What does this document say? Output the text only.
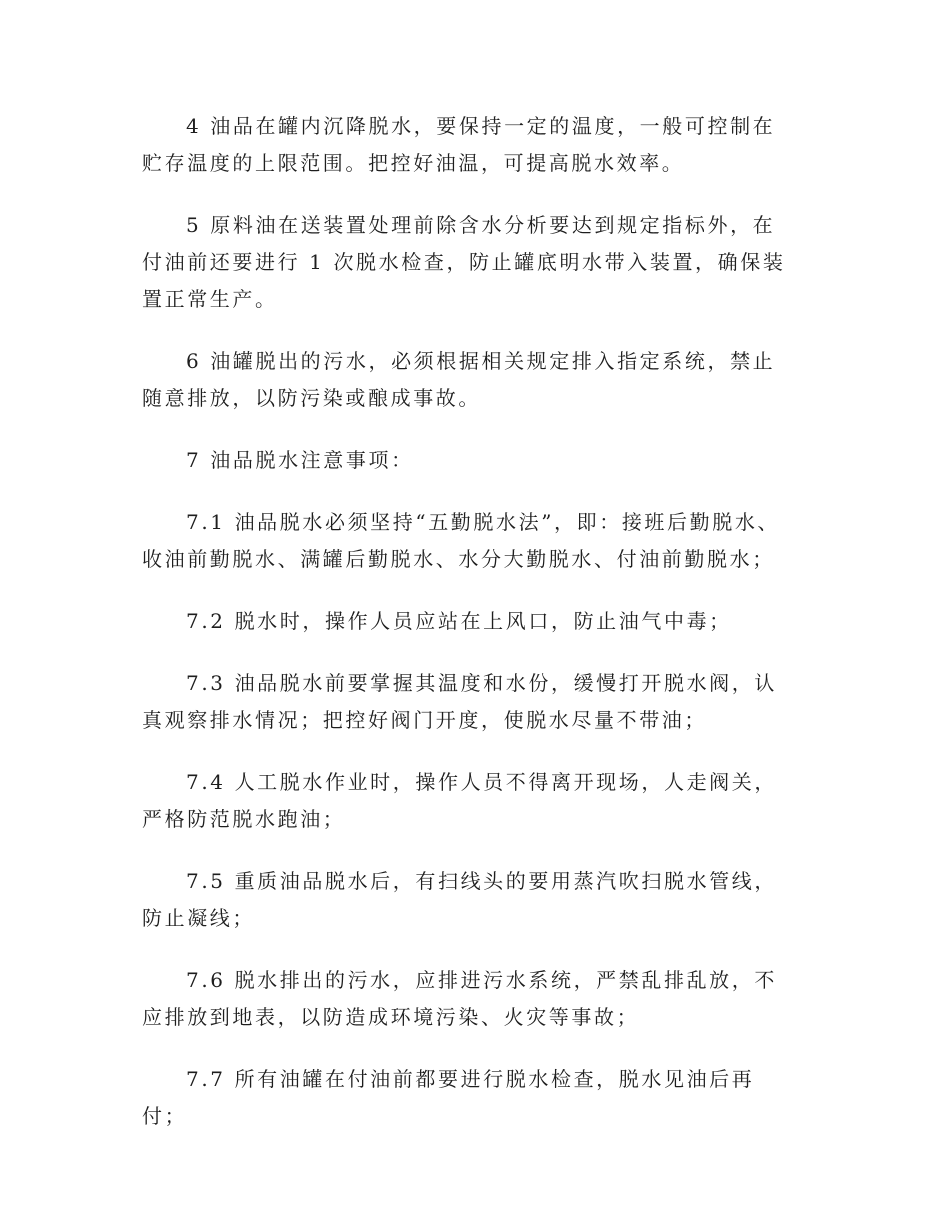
4 油品在罐内沉降脱水，要保持一定的温度，一般可控制在贮存温度的上限范围。把控好油温，可提高脱水效率。

5 原料油在送装置处理前除含水分析要达到规定指标外，在付油前还要进行 1 次脱水检查，防止罐底明水带入装置，确保装置正常生产。

6 油罐脱出的污水，必须根据相关规定排入指定系统，禁止随意排放，以防污染或酿成事故。

7 油品脱水注意事项：

7.1 油品脱水必须坚持“五勤脱水法”，即：接班后勤脱水、收油前勤脱水、满罐后勤脱水、水分大勤脱水、付油前勤脱水；

7.2 脱水时，操作人员应站在上风口，防止油气中毒；

7.3 油品脱水前要掌握其温度和水份，缓慢打开脱水阀，认真观察排水情况；把控好阀门开度，使脱水尽量不带油；

7.4 人工脱水作业时，操作人员不得离开现场，人走阀关，严格防范脱水跑油；

7.5 重质油品脱水后，有扫线头的要用蒸汽吹扫脱水管线，防止凝线；

7.6 脱水排出的污水，应排进污水系统，严禁乱排乱放，不应排放到地表，以防造成环境污染、火灾等事故；

7.7 所有油罐在付油前都要进行脱水检查，脱水见油后再付；
